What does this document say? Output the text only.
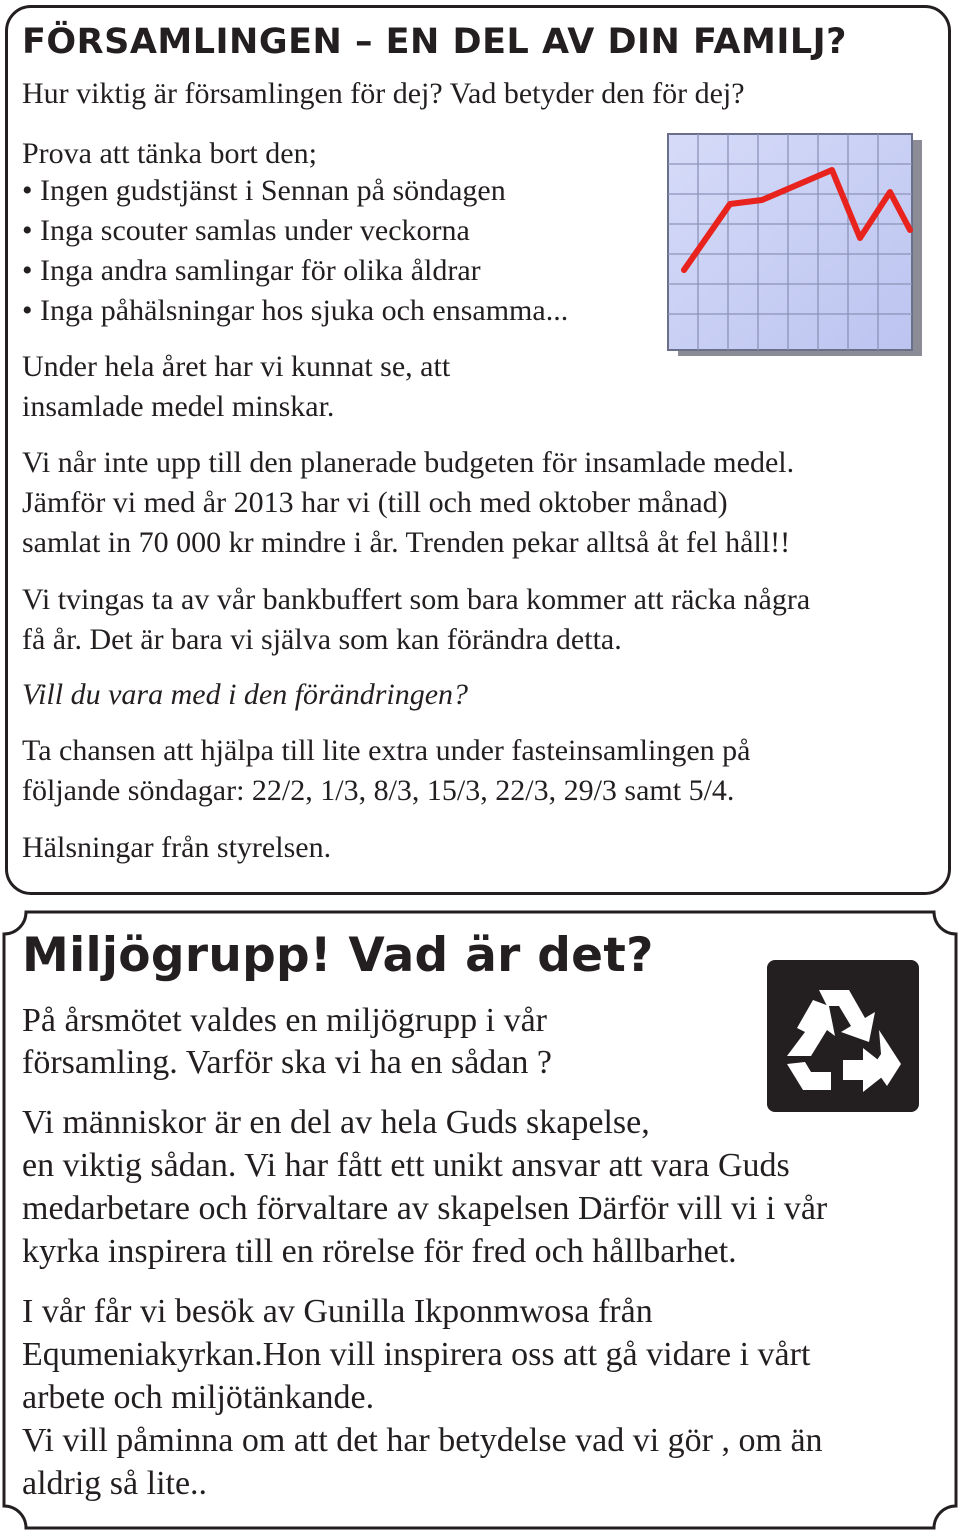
FÖRSAMLINGEN – EN DEL AV DIN FAMILJ?
Hur viktig är församlingen för dej? Vad betyder den för dej?
Prova att tänka bort den;
• Ingen gudstjänst i Sennan på söndagen
• Inga scouter samlas under veckorna
• Inga andra samlingar för olika åldrar
• Inga påhälsningar hos sjuka och ensamma...
Under hela året har vi kunnat se, att
insamlade medel minskar.
Vi når inte upp till den planerade budgeten för insamlade medel.
Jämför vi med år 2013 har vi (till och med oktober månad)
samlat in 70 000 kr mindre i år. Trenden pekar alltså åt fel håll!!
Vi tvingas ta av vår bankbuffert som bara kommer att räcka några
få år. Det är bara vi själva som kan förändra detta.
Vill du vara med i den förändringen?
Ta chansen att hjälpa till lite extra under fasteinsamlingen på
följande söndagar: 22/2, 1/3, 8/3, 15/3, 22/3, 29/3 samt 5/4.
Hälsningar från styrelsen.
Miljögrupp! Vad är det?
På årsmötet valdes en miljögrupp i vår
församling. Varför ska vi ha en sådan ?
Vi människor är en del av hela Guds skapelse,
en viktig sådan. Vi har fått ett unikt ansvar att vara Guds
medarbetare och förvaltare av skapelsen Därför vill vi i vår
kyrka inspirera till en rörelse för fred och hållbarhet.
I vår får vi besök av Gunilla Ikponmwosa från
Equmeniakyrkan.Hon vill inspirera oss att gå vidare i vårt
arbete och miljötänkande.
Vi vill påminna om att det har betydelse vad vi gör , om än
aldrig så lite..
